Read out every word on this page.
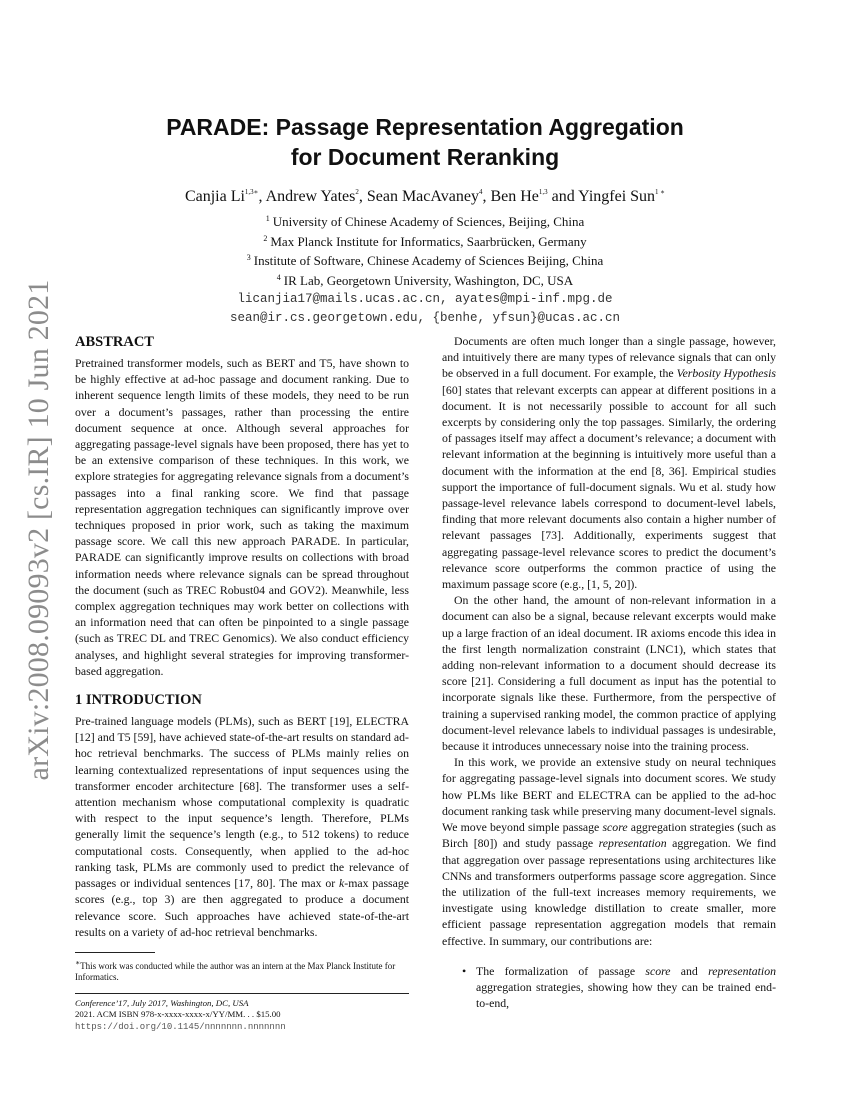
arXiv:2008.09093v2 [cs.IR] 10 Jun 2021
PARADE: Passage Representation Aggregation
for Document Reranking
Canjia $Li^{1,3∗}$, Andrew Yates$^2$, Sean MacAvaney$^4$, Ben He$^{1,3}$ and Yingfei Sun$^{1 ∗}$
$^1$ University of Chinese Academy of Sciences, Beijing, China
$^2$ Max Planck Institute for Informatics, Saarbrücken, Germany
$^3$ Institute of Software, Chinese Academy of Sciences Beijing, China
$^4$ IR Lab, Georgetown University, Washington, DC, USA
licanjia17@mails.ucas.ac.cn, ayates@mpi-inf.mpg.de
sean@ir.cs.georgetown.edu, {benhe, yfsun}@ucas.ac.cn
ABSTRACT

Pretrained transformer models, such as BERT and T5, have shown to be highly effective at ad-hoc passage and document ranking. Due to inherent sequence length limits of these models, they need to be run over a document’s passages, rather than processing the entire document sequence at once. Although several approaches for aggregating passage-level signals have been proposed, there has yet to be an extensive comparison of these techniques. In this work, we explore strategies for aggregating relevance signals from a document’s passages into a final ranking score. We find that passage representation aggregation techniques can significantly improve over techniques proposed in prior work, such as taking the maximum passage score. We call this new approach PARADE. In particular, PARADE can significantly improve results on collections with broad information needs where relevance signals can be spread throughout the document (such as TREC Robust04 and GOV2). Meanwhile, less complex aggregation techniques may work better on collections with an information need that can often be pinpointed to a single passage (such as TREC DL and TREC Genomics). We also conduct efficiency analyses, and highlight several strategies for improving transformer-based aggregation.

1 INTRODUCTION

Pre-trained language models (PLMs), such as BERT [19], ELECTRA [12] and T5 [59], have achieved state-of-the-art results on standard ad-hoc retrieval benchmarks. The success of PLMs mainly relies on learning contextualized representations of input sequences using the transformer encoder architecture [68]. The transformer uses a self-attention mechanism whose computational complexity is quadratic with respect to the input sequence’s length. Therefore, PLMs generally limit the sequence’s length (e.g., to 512 tokens) to reduce computational costs. Consequently, when applied to the ad-hoc ranking task, PLMs are commonly used to predict the relevance of passages or individual sentences [17, 80]. The max or k-max passage scores (e.g., top 3) are then aggregated to produce a document relevance score. Such approaches have achieved state-of-the-art results on a variety of ad-hoc retrieval benchmarks.

∗This work was conducted while the author was an intern at the Max Planck Institute for Informatics.

Conference’17, July 2017, Washington, DC, USA

2021. ACM ISBN 978-x-xxxx-xxxx-x/YY/MM. . . $15.00

https://doi.org/10.1145/nnnnnnn.nnnnnnn

Documents are often much longer than a single passage, however, and intuitively there are many types of relevance signals that can only be observed in a full document. For example, the Verbosity Hypothesis [60] states that relevant excerpts can appear at different positions in a document. It is not necessarily possible to account for all such excerpts by considering only the top passages. Similarly, the ordering of passages itself may affect a document’s relevance; a document with relevant information at the beginning is intuitively more useful than a document with the information at the end [8, 36]. Empirical studies support the importance of full-document signals. Wu et al. study how passage-level relevance labels correspond to document-level labels, finding that more relevant documents also contain a higher number of relevant passages [73]. Additionally, experiments suggest that aggregating passage-level relevance scores to predict the document’s relevance score outperforms the common practice of using the maximum passage score (e.g., [1, 5, 20]).

On the other hand, the amount of non-relevant information in a document can also be a signal, because relevant excerpts would make up a large fraction of an ideal document. IR axioms encode this idea in the first length normalization constraint (LNC1), which states that adding non-relevant information to a document should decrease its score [21]. Considering a full document as input has the potential to incorporate signals like these. Furthermore, from the perspective of training a supervised ranking model, the common practice of applying document-level relevance labels to individual passages is undesirable, because it introduces unnecessary noise into the training process.

In this work, we provide an extensive study on neural techniques for aggregating passage-level signals into document scores. We study how PLMs like BERT and ELECTRA can be applied to the ad-hoc document ranking task while preserving many document-level signals. We move beyond simple passage score aggregation strategies (such as Birch [80]) and study passage representation aggregation. We find that aggregation over passage representations using architectures like CNNs and transformers outperforms passage score aggregation. Since the utilization of the full-text increases memory requirements, we investigate using knowledge distillation to create smaller, more efficient passage representation aggregation models that remain effective. In summary, our contributions are:

• The formalization of passage score and representation aggregation strategies, showing how they can be trained end-to-end,
